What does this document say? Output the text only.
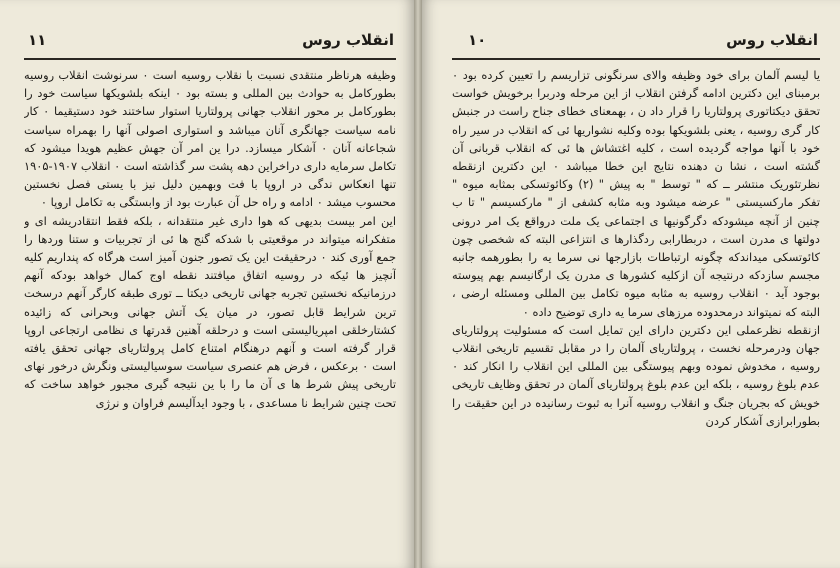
۱۱	انقلاب روس

وظیفه هرناظر منتقدی نسبت با نقلاب روسیه است ۰ سرنوشت انقلاب روسیه بطورکامل به حوادث بین المللی و بسته بود ۰ اینکه بلشویکها سیاست خود را بطورکامل بر محور انقلاب جهانی پرولتاریا استوار ساختند خود دستیقیما ۰ کار نامه سیاست جهانگری آنان میباشد و استواری اصولی آنها را بهمراه سیاست شجاعانه آنان ۰ آشکار میسازد. درا ین امر آن جهش عظیم هویدا میشود که تکامل سرمایه داری دراخراین دهه پشت سر گذاشته است ۰ انقلاب ۱۹۰۷-۱۹۰۵ تنها انعکاس ندگی در اروپا با فت وبهمین دلیل نیز با یستی فصل نخستین محسوب میشد ۰ ادامه و راه حل آن عبارت بود از وابستگی به تکامل اروپا ۰

این امر بیست بدیهی که هوا داری غیر منتقدانه ، بلکه فقط انتقادریشه ای و متفکرانه میتواند در موقعیتی با شدکه گنج ها ئی از تجربیات و ستنا وردها را جمع آوری کند ۰ درحقیقت این یک تصور جنون آمیز است هرگاه که پنداریم کلیه آنچیز ها ئیکه در روسیه اتفاق میافتند نقطه اوج کمال خواهد بودکه آنهم درزمانیکه نخستین تجربه جهانی تاریخی دیکتا ــ توری طبقه کارگر آنهم درسخت ترین شرایط قابل تصور، در میان یک آتش جهانی وبحرانی که زائیده کشتارخلقی امپریالیستی است و درحلقه آهنین قدرتها ی نظامی ارتجاعی اروپا قرار گرفته است و آنهم درهنگام امتناع کامل پرولتاریای جهانی تحقق یافته است ۰ برعکس ، فرض هم عنصری سیاست سوسیالیستی ونگرش درخور نهای تاریخی پیش شرط ها ی آن ما را با ین نتیجه گیری مجبور خواهد ساخت که تحت چنین شرایط نا مساعدی ، با وجود ایدآلیسم فراوان و نرژی

۱۰	انقلاب روس

یا لیسم آلمان برای خود وظیفه والای سرنگونی تزاریسم را تعیین کرده بود ۰ برمبنای این دکترین ادامه گرفتن انقلاب از این مرحله ودربرا برخویش خواست تحقق دیکتاتوری پرولتاریا را قرار داد ن ، بهمعنای خطای جناح راست در جنبش کار گری روسیه ، یعنی بلشویکها بوده وکلیه نشواریها ئی که انقلاب در سیر راه خود با آنها مواجه گردیده است ، کلیه اغتشاش ها ئی که انقلاب قربانی آن گشته است ، نشا ن دهنده نتایج این خطا میباشد ۰ این دکترین ازنقطه نظرتئوریک منتشر ــ که " توسط " به پیش " (۲) وکائوتسکی بمثابه میوه " تفکر مارکسیستی " عرضه میشود وبه مثابه کشفی از " مارکسیسم " تا ب چنین از آنچه میشودکه دگرگونیها ی اجتماعی یک ملت درواقع یک امر درونی دولتها ی مدرن است ، دربطارابی ردگذارها ی انتزاعی البته که شخصی چون کائوتسکی میداندکه چگونه ارتباطات بازارجها نی سرما یه را بطورهمه جانبه مجسم سازدکه درنتیجه آن ازکلیه کشورها ی مدرن یک ارگانیسم بهم پیوسته بوجود آید ۰ انقلاب روسیه به مثابه میوه تکامل بین المللی ومسئله ارضی ، البته که نمیتواند درمحدوده مرزهای سرما یه داری توضیح داده ۰

ازنقطه نظرعملی این دکترین دارای این تمایل است که مسئولیت پرولتاریای جهان ودرمرحله نخست ، پرولتاریای آلمان را در مقابل تقسیم تاریخی انقلاب روسیه ، مخدوش نموده وبهم پیوستگی بین المللی این انقلاب را انکار کند ۰ عدم بلوغ روسیه ، بلکه این عدم بلوغ پرولتاریای آلمان در تحقق وظایف تاریخی خویش که بجریان جنگ و انقلاب روسیه آنرا به ثبوت رسانیده در این حقیقت را بطورابرازی آشکار کردن
